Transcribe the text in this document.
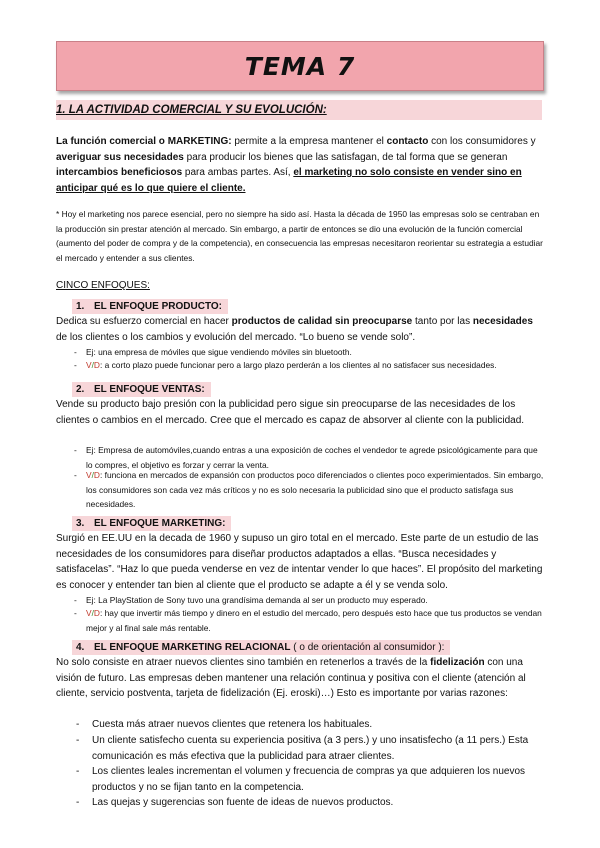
TEMA 7
1. LA ACTIVIDAD COMERCIAL Y SU EVOLUCIÓN:
La función comercial o MARKETING: permite a la empresa mantener el contacto con los consumidores y averiguar sus necesidades para producir los bienes que las satisfagan, de tal forma que se generan intercambios beneficiosos para ambas partes. Así, el marketing no solo consiste en vender sino en anticipar qué es lo que quiere el cliente.
* Hoy el marketing nos parece esencial, pero no siempre ha sido así. Hasta la década de 1950 las empresas solo se centraban en la producción sin prestar atención al mercado. Sin embargo, a partir de entonces se dio una evolución de la función comercial (aumento del poder de compra y de la competencia), en consecuencia las empresas necesitaron reorientar su estrategia a estudiar el mercado y entender a sus clientes.
CINCO ENFOQUES:
1. EL ENFOQUE PRODUCTO:
Dedica su esfuerzo comercial en hacer productos de calidad sin preocuparse tanto por las necesidades de los clientes o los cambios y evolución del mercado. “Lo bueno se vende solo”.
- Ej: una empresa de móviles que sigue vendiendo móviles sin bluetooth.
- V/D: a corto plazo puede funcionar pero a largo plazo perderán a los clientes al no satisfacer sus necesidades.
2. EL ENFOQUE VENTAS:
Vende su producto bajo presión con la publicidad pero sigue sin preocuparse de las necesidades de los clientes o cambios en el mercado. Cree que el mercado es capaz de absorver al cliente con la publicidad.
- Ej: Empresa de automóviles,cuando entras a una exposición de coches el vendedor te agrede psicológicamente para que lo compres, el objetivo es forzar y cerrar la venta.
- V/D: funciona en mercados de expansión con productos poco diferenciados o clientes poco experimientados. Sin embargo, los consumidores son cada vez más críticos y no es solo necesaria la publicidad sino que el producto satisfaga sus necesidades.
3. EL ENFOQUE MARKETING:
Surgió en EE.UU en la decada de 1960 y supuso un giro total en el mercado. Este parte de un estudio de las necesidades de los consumidores para diseñar productos adaptados a ellas. “Busca necesidades y satisfacelas”. “Haz lo que pueda venderse en vez de intentar vender lo que haces”. El propósito del marketing es conocer y entender tan bien al cliente que el producto se adapte a él y se venda solo.
- Ej: La PlayStation de Sony tuvo una grandísima demanda al ser un producto muy esperado.
- V/D: hay que invertir más tiempo y dinero en el estudio del mercado, pero después esto hace que tus productos se vendan mejor y al final sale más rentable.
4. EL ENFOQUE MARKETING RELACIONAL ( o de orientación al consumidor ):
No solo consiste en atraer nuevos clientes sino también en retenerlos a través de la fidelización con una visión de futuro. Las empresas deben mantener una relación continua y positiva con el cliente (atención al cliente, servicio postventa, tarjeta de fidelización (Ej. eroski)…) Esto es importante por varias razones:
- Cuesta más atraer nuevos clientes que retenera los habituales.
- Un cliente satisfecho cuenta su experiencia positiva (a 3 pers.) y uno insatisfecho (a 11 pers.) Esta comunicación es más efectiva que la publicidad para atraer clientes.
- Los clientes leales incrementan el volumen y frecuencia de compras ya que adquieren los nuevos productos y no se fijan tanto en la competencia.
- Las quejas y sugerencias son fuente de ideas de nuevos productos.
